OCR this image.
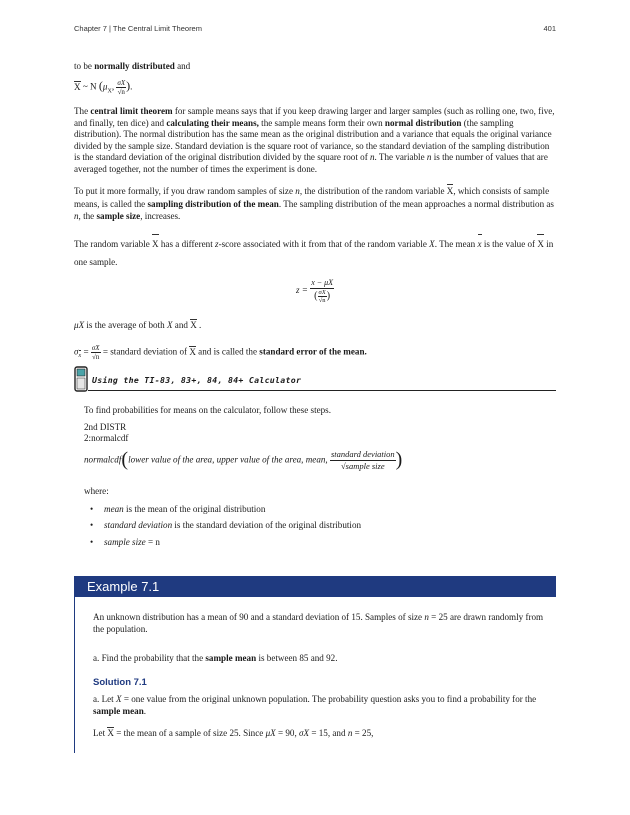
Chapter 7 | The Central Limit Theorem	401
to be normally distributed and
X ~ N ($\mu_X$, $\frac{\sigma X}{√n}$ ).
The central limit theorem for sample means says that if you keep drawing larger and larger samples (such as rolling one, two, five, and finally, ten dice) and calculating their means, the sample means form their own normal distribution (the sampling distribution). The normal distribution has the same mean as the original distribution and a variance that equals the original variance divided by the sample size. Standard deviation is the square root of variance, so the standard deviation of the sampling distribution is the standard deviation of the original distribution divided by the square root of n. The variable n is the number of values that are averaged together, not the number of times the experiment is done.
To put it more formally, if you draw random samples of size n, the distribution of the random variable X, which consists of sample means, is called the sampling distribution of the mean. The sampling distribution of the mean approaches a normal distribution as n, the sample size, increases.
The random variable X has a different z-score associated with it from that of the random variable X. The mean x is the value of X in one sample.
$z = \frac{x - \mu X}{( \frac{\sigma X}{√n} )}$
μX is the average of both X and X .
$\sigma_x = \frac{\sigma X}{√n}$ = standard deviation of X and is called the standard error of the mean.
Using the TI-83, 83+, 84, 84+ Calculator
To find probabilities for means on the calculator, follow these steps.
2nd DISTR
2:normalcdf
normalcdf(lower value of the area, upper value of the area, mean, $\frac{\text{standard deviation}}{\text{√sample size}}$ )
where:
• mean is the mean of the original distribution
• standard deviation is the standard deviation of the original distribution
• sample size = n
Example 7.1
An unknown distribution has a mean of 90 and a standard deviation of 15. Samples of size n = 25 are drawn randomly from the population.
a. Find the probability that the sample mean is between 85 and 92.
Solution 7.1
a. Let X = one value from the original unknown population. The probability question asks you to find a probability for the sample mean.
Let X = the mean of a sample of size 25. Since μX = 90, σX = 15, and n = 25,
